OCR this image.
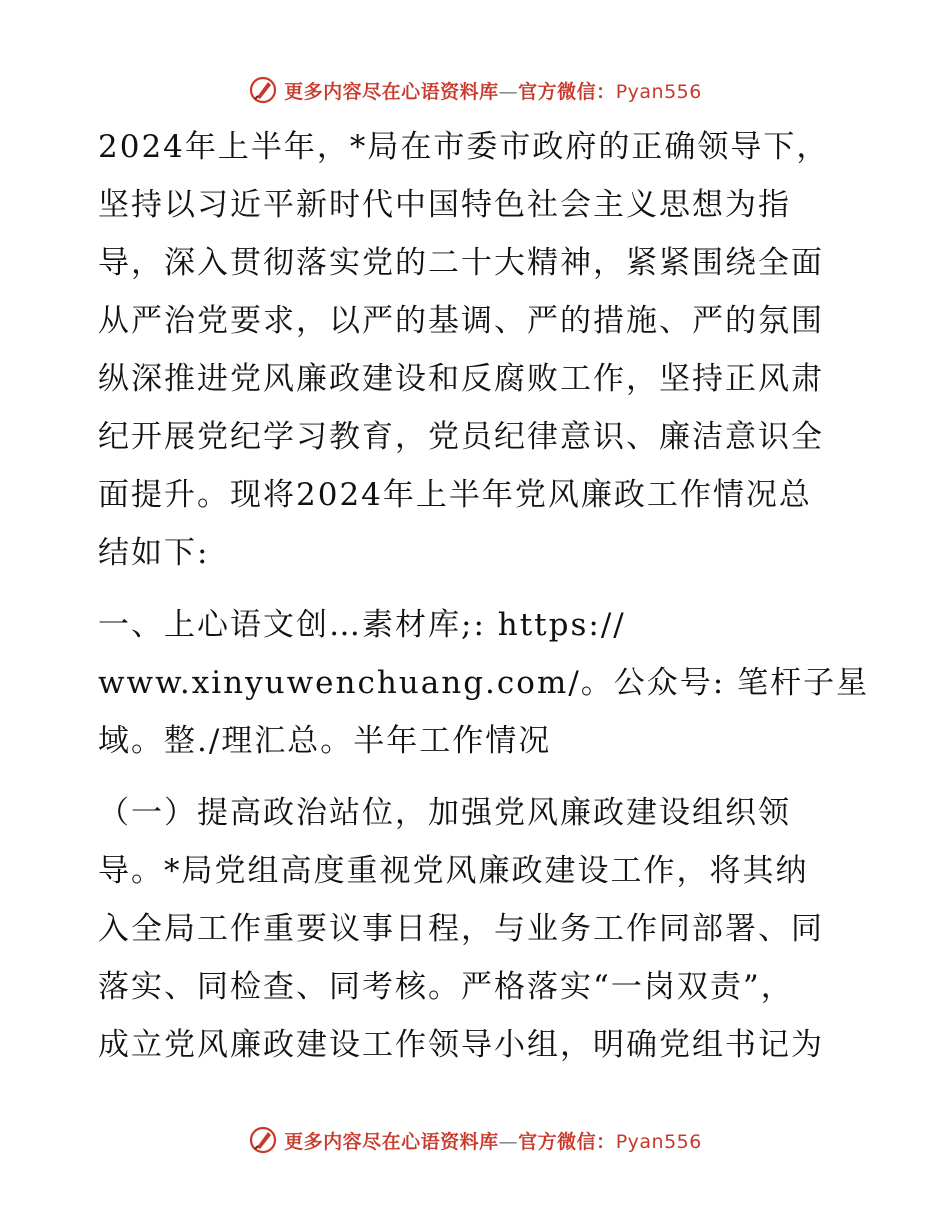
更多内容尽在心语资料库—官方微信：Pyan556

2024年上半年，*局在市委市政府的正确领导下，
坚持以习近平新时代中国特色社会主义思想为指
导，深入贯彻落实党的二十大精神，紧紧围绕全面
从严治党要求，以严的基调、严的措施、严的氛围
纵深推进党风廉政建设和反腐败工作，坚持正风肃
纪开展党纪学习教育，党员纪律意识、廉洁意识全
面提升。现将2024年上半年党风廉政工作情况总
结如下:

一、上心语文创…素材库;: https://
www.xinyuwenchuang.com/。公众号: 笔杆子星
域。整./理汇总。半年工作情况

（一）提高政治站位，加强党风廉政建设组织领
导。*局党组高度重视党风廉政建设工作，将其纳
入全局工作重要议事日程，与业务工作同部署、同
落实、同检查、同考核。严格落实“一岗双责”，
成立党风廉政建设工作领导小组，明确党组书记为

更多内容尽在心语资料库—官方微信：Pyan556
